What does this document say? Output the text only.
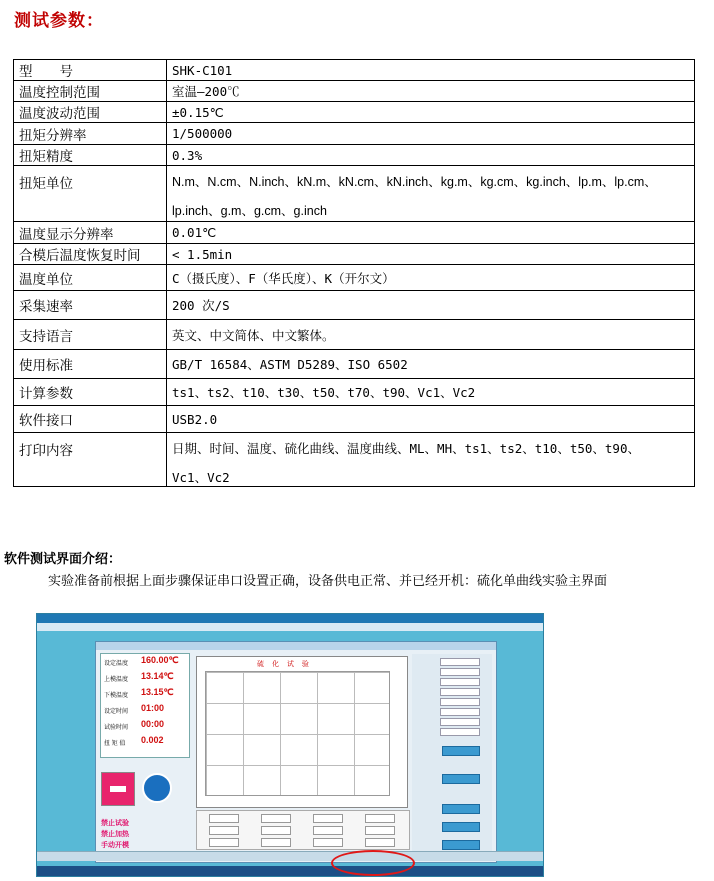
测试参数：
型　　号	SHK-C101
温度控制范围	室温—200℃
温度波动范围	±0.15℃
扭矩分辨率	1/500000
扭矩精度	0.3%
扭矩单位	N.m、N.cm、N.inch、kN.m、kN.cm、kN.inch、kg.m、kg.cm、kg.inch、lp.m、lp.cm、
lp.inch、g.m、g.cm、g.inch

温度显示分辨率	0.01℃
合模后温度恢复时间	< 1.5min
温度单位	C（摄氏度）、F（华氏度）、K（开尔文）
采集速率	200 次/S
支持语言	英文、中文简体、中文繁体。
使用标准	GB/T 16584、ASTM D5289、ISO 6502
计算参数	ts1、ts2、t10、t30、t50、t70、t90、Vc1、Vc2
软件接口	USB2.0
打印内容	日期、时间、温度、硫化曲线、温度曲线、ML、MH、ts1、ts2、t10、t50、t90、
Vc1、Vc2
软件测试界面介绍：
实验准备前根据上面步骤保证串口设置正确，设备供电正常、并已经开机：硫化单曲线实验主界面
设定温度 160.00℃
上模温度 13.14℃
下模温度 13.15℃
设定时间 01:00
试验时间 00:00
扭 矩 值 0.002
禁止试验
禁止加热
手动开模
硫 化 试 验
